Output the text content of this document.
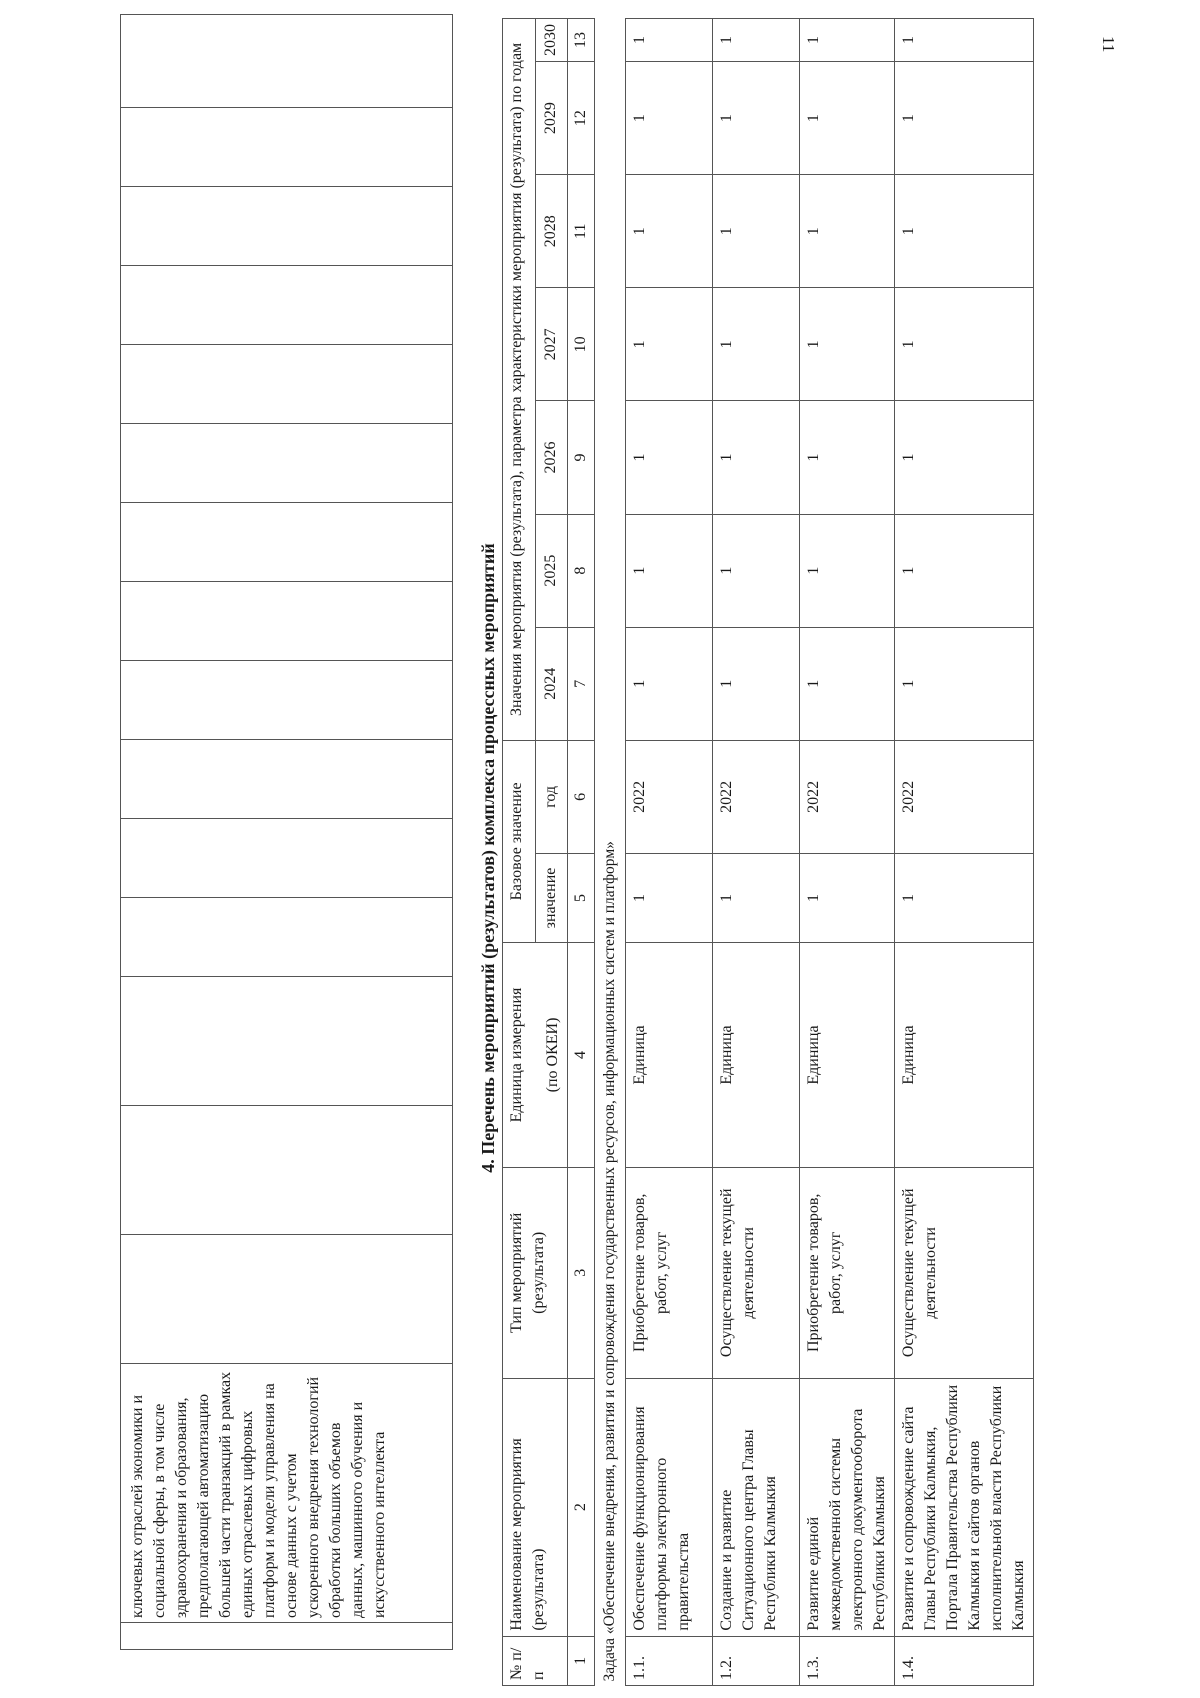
11

ключевых отраслей экономики и социальной сферы, в том числе здравоохранения и образования, предполагающей автоматизацию большей части транзакций в рамках единых отраслевых цифровых платформ и модели управления на основе данных с учетом ускоренного внедрения технологий обработки больших объемов данных, машинного обучения и искусственного интеллекта

4. Перечень мероприятий (результатов) комплекса процессных мероприятий
№ п/п	Наименование мероприятия (результата)	Тип мероприятий (результата)	Единица измерения (по ОКЕИ)	Базовое значение		Значения мероприятия (результата), параметра характеристики мероприятия (результата) по годам						
				значение	год	2024	2025	2026	2027	2028	2029	2030
1	2	3	4	5	6	7	8	9	10	11	12	13
Задача «Обеспечение внедрения, развития и сопровождения государственных ресурсов, информационных систем и платформ»												
1.1.	Обеспечение функционирования платформы электронного правительства	Приобретение товаров, работ, услуг	Единица	1	2022	1	1	1	1	1	1	1
1.2.	Создание и развитие Ситуационного центра Главы Республики Калмыкия	Осуществление текущей деятельности	Единица	1	2022	1	1	1	1	1	1	1
1.3.	Развитие единой межведомственной системы электронного документооборота Республики Калмыкия	Приобретение товаров, работ, услуг	Единица	1	2022	1	1	1	1	1	1	1
1.4.	Развитие и сопровождение сайта Главы Республики Калмыкия, Портала Правительства Республики Калмыкия и сайтов органов исполнительной власти Республики Калмыкия	Осуществление текущей деятельности	Единица	1	2022	1	1	1	1	1	1	1
